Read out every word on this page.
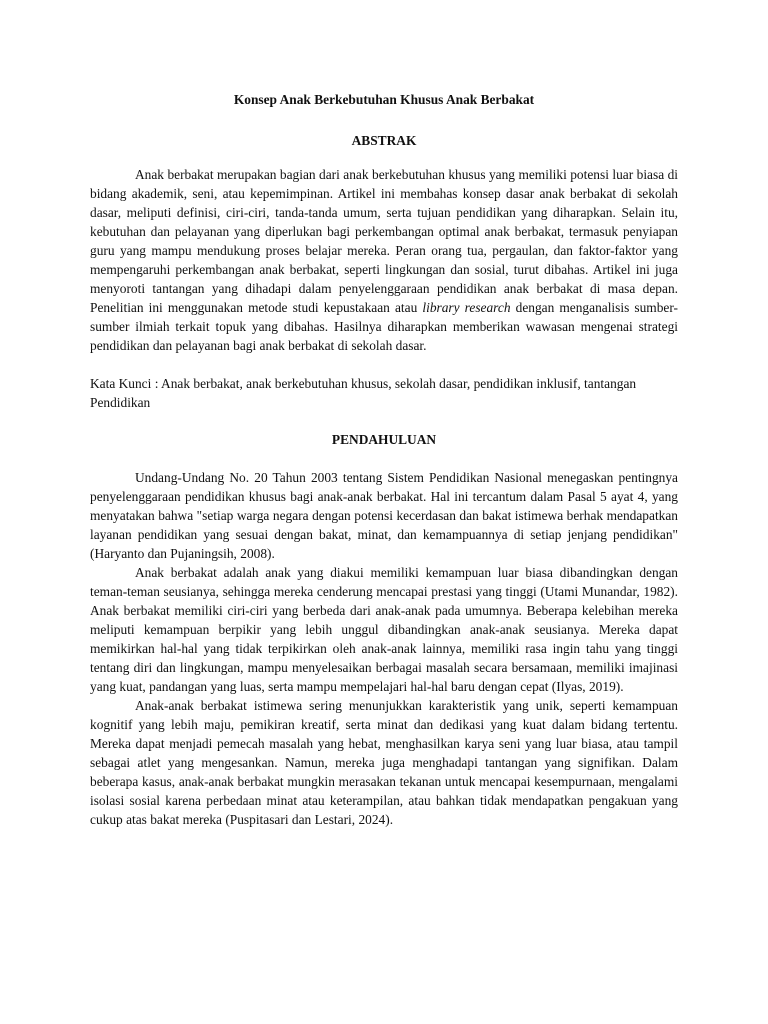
Konsep Anak Berkebutuhan Khusus Anak Berbakat

ABSTRAK

Anak berbakat merupakan bagian dari anak berkebutuhan khusus yang memiliki potensi luar biasa di bidang akademik, seni, atau kepemimpinan. Artikel ini membahas konsep dasar anak berbakat di sekolah dasar, meliputi definisi, ciri-ciri, tanda-tanda umum, serta tujuan pendidikan yang diharapkan. Selain itu, kebutuhan dan pelayanan yang diperlukan bagi perkembangan optimal anak berbakat, termasuk penyiapan guru yang mampu mendukung proses belajar mereka. Peran orang tua, pergaulan, dan faktor-faktor yang mempengaruhi perkembangan anak berbakat, seperti lingkungan dan sosial, turut dibahas. Artikel ini juga menyoroti tantangan yang dihadapi dalam penyelenggaraan pendidikan anak berbakat di masa depan. Penelitian ini menggunakan metode studi kepustakaan atau library research dengan menganalisis sumber-sumber ilmiah terkait topuk yang dibahas. Hasilnya diharapkan memberikan wawasan mengenai strategi pendidikan dan pelayanan bagi anak berbakat di sekolah dasar.

Kata Kunci : Anak berbakat, anak berkebutuhan khusus, sekolah dasar, pendidikan inklusif, tantangan Pendidikan

PENDAHULUAN

Undang-Undang No. 20 Tahun 2003 tentang Sistem Pendidikan Nasional menegaskan pentingnya penyelenggaraan pendidikan khusus bagi anak-anak berbakat. Hal ini tercantum dalam Pasal 5 ayat 4, yang menyatakan bahwa "setiap warga negara dengan potensi kecerdasan dan bakat istimewa berhak mendapatkan layanan pendidikan yang sesuai dengan bakat, minat, dan kemampuannya di setiap jenjang pendidikan" (Haryanto dan Pujaningsih, 2008).

Anak berbakat adalah anak yang diakui memiliki kemampuan luar biasa dibandingkan dengan teman-teman seusianya, sehingga mereka cenderung mencapai prestasi yang tinggi (Utami Munandar, 1982). Anak berbakat memiliki ciri-ciri yang berbeda dari anak-anak pada umumnya. Beberapa kelebihan mereka meliputi kemampuan berpikir yang lebih unggul dibandingkan anak-anak seusianya. Mereka dapat memikirkan hal-hal yang tidak terpikirkan oleh anak-anak lainnya, memiliki rasa ingin tahu yang tinggi tentang diri dan lingkungan, mampu menyelesaikan berbagai masalah secara bersamaan, memiliki imajinasi yang kuat, pandangan yang luas, serta mampu mempelajari hal-hal baru dengan cepat (Ilyas, 2019).

Anak-anak berbakat istimewa sering menunjukkan karakteristik yang unik, seperti kemampuan kognitif yang lebih maju, pemikiran kreatif, serta minat dan dedikasi yang kuat dalam bidang tertentu. Mereka dapat menjadi pemecah masalah yang hebat, menghasilkan karya seni yang luar biasa, atau tampil sebagai atlet yang mengesankan. Namun, mereka juga menghadapi tantangan yang signifikan. Dalam beberapa kasus, anak-anak berbakat mungkin merasakan tekanan untuk mencapai kesempurnaan, mengalami isolasi sosial karena perbedaan minat atau keterampilan, atau bahkan tidak mendapatkan pengakuan yang cukup atas bakat mereka (Puspitasari dan Lestari, 2024).
